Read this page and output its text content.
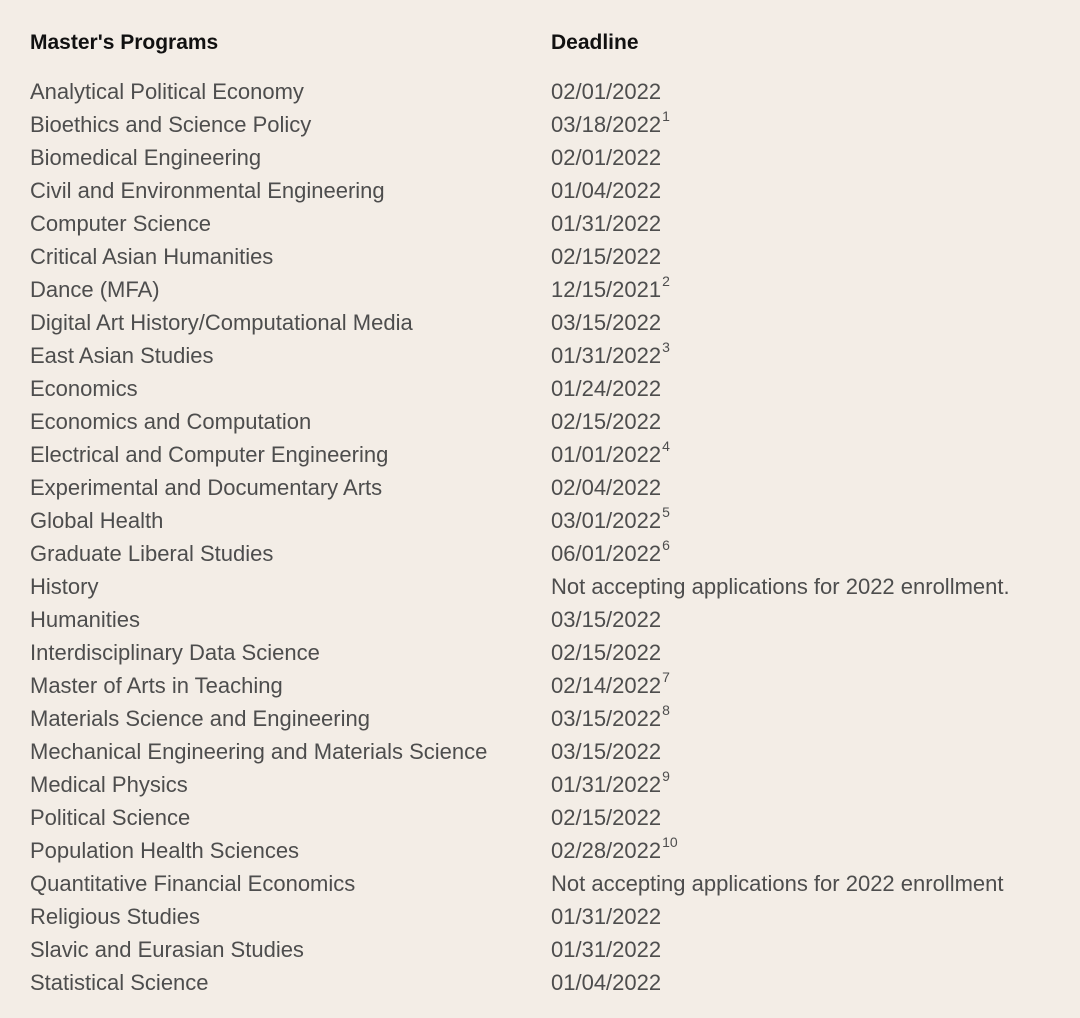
Master's Programs	Deadline
Analytical Political Economy	02/01/2022
Bioethics and Science Policy	03/18/2022$^1$
Biomedical Engineering	02/01/2022
Civil and Environmental Engineering	01/04/2022
Computer Science	01/31/2022
Critical Asian Humanities	02/15/2022
Dance (MFA)	12/15/2021$^2$
Digital Art History/Computational Media	03/15/2022
East Asian Studies	01/31/2022$^3$
Economics	01/24/2022
Economics and Computation	02/15/2022
Electrical and Computer Engineering	01/01/2022$^4$
Experimental and Documentary Arts	02/04/2022
Global Health	03/01/2022$^5$
Graduate Liberal Studies	06/01/2022$^6$
History	Not accepting applications for 2022 enrollment.
Humanities	03/15/2022
Interdisciplinary Data Science	02/15/2022
Master of Arts in Teaching	02/14/2022$^7$
Materials Science and Engineering	03/15/2022$^8$
Mechanical Engineering and Materials Science	03/15/2022
Medical Physics	01/31/2022$^9$
Political Science	02/15/2022
Population Health Sciences	02/28/2022$^{10}$
Quantitative Financial Economics	Not accepting applications for 2022 enrollment
Religious Studies	01/31/2022
Slavic and Eurasian Studies	01/31/2022
Statistical Science	01/04/2022
